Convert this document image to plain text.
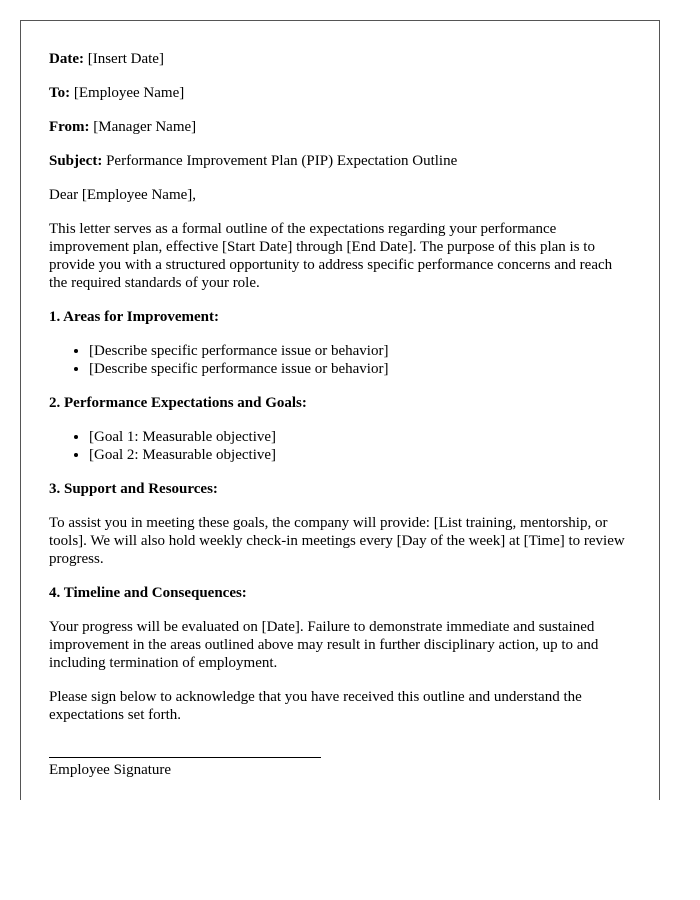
Date: [Insert Date]

To: [Employee Name]

From: [Manager Name]

Subject: Performance Improvement Plan (PIP) Expectation Outline

Dear [Employee Name],

This letter serves as a formal outline of the expectations regarding your performance improvement plan, effective [Start Date] through [End Date]. The purpose of this plan is to provide you with a structured opportunity to address specific performance concerns and reach the required standards of your role.

1. Areas for Improvement:
• [Describe specific performance issue or behavior]
• [Describe specific performance issue or behavior]
2. Performance Expectations and Goals:
• [Goal 1: Measurable objective]
• [Goal 2: Measurable objective]
3. Support and Resources:

To assist you in meeting these goals, the company will provide: [List training, mentorship, or tools]. We will also hold weekly check-in meetings every [Day of the week] at [Time] to review progress.

4. Timeline and Consequences:

Your progress will be evaluated on [Date]. Failure to demonstrate immediate and sustained improvement in the areas outlined above may result in further disciplinary action, up to and including termination of employment.

Please sign below to acknowledge that you have received this outline and understand the expectations set forth.

Employee Signature
